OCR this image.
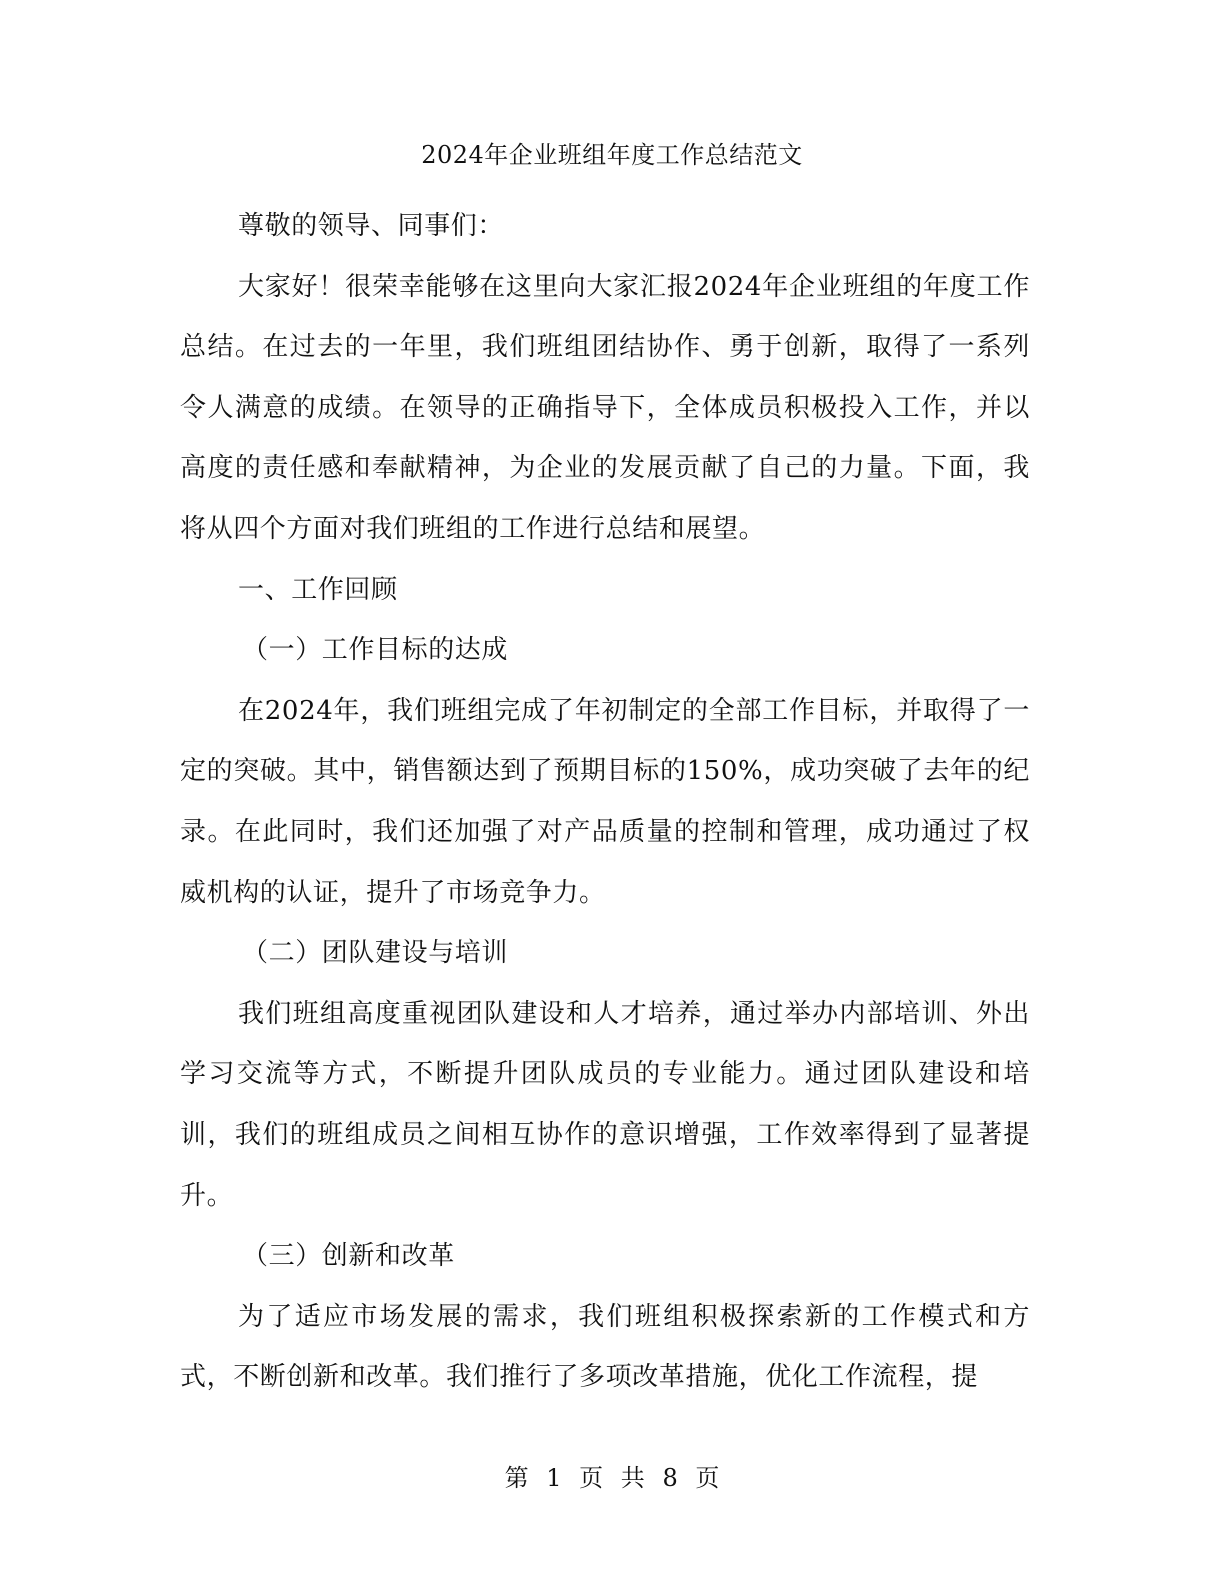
2024年企业班组年度工作总结范文

尊敬的领导、同事们：

大家好！很荣幸能够在这里向大家汇报2024年企业班组的年度工作总结。在过去的一年里，我们班组团结协作、勇于创新，取得了一系列令人满意的成绩。在领导的正确指导下，全体成员积极投入工作，并以高度的责任感和奉献精神，为企业的发展贡献了自己的力量。下面，我将从四个方面对我们班组的工作进行总结和展望。

一、工作回顾

（一）工作目标的达成

在2024年，我们班组完成了年初制定的全部工作目标，并取得了一定的突破。其中，销售额达到了预期目标的150%，成功突破了去年的纪录。在此同时，我们还加强了对产品质量的控制和管理，成功通过了权威机构的认证，提升了市场竞争力。

（二）团队建设与培训

我们班组高度重视团队建设和人才培养，通过举办内部培训、外出学习交流等方式，不断提升团队成员的专业能力。通过团队建设和培训，我们的班组成员之间相互协作的意识增强，工作效率得到了显著提升。

（三）创新和改革

为了适应市场发展的需求，我们班组积极探索新的工作模式和方式，不断创新和改革。我们推行了多项改革措施，优化工作流程，提

第 1 页 共 8 页
